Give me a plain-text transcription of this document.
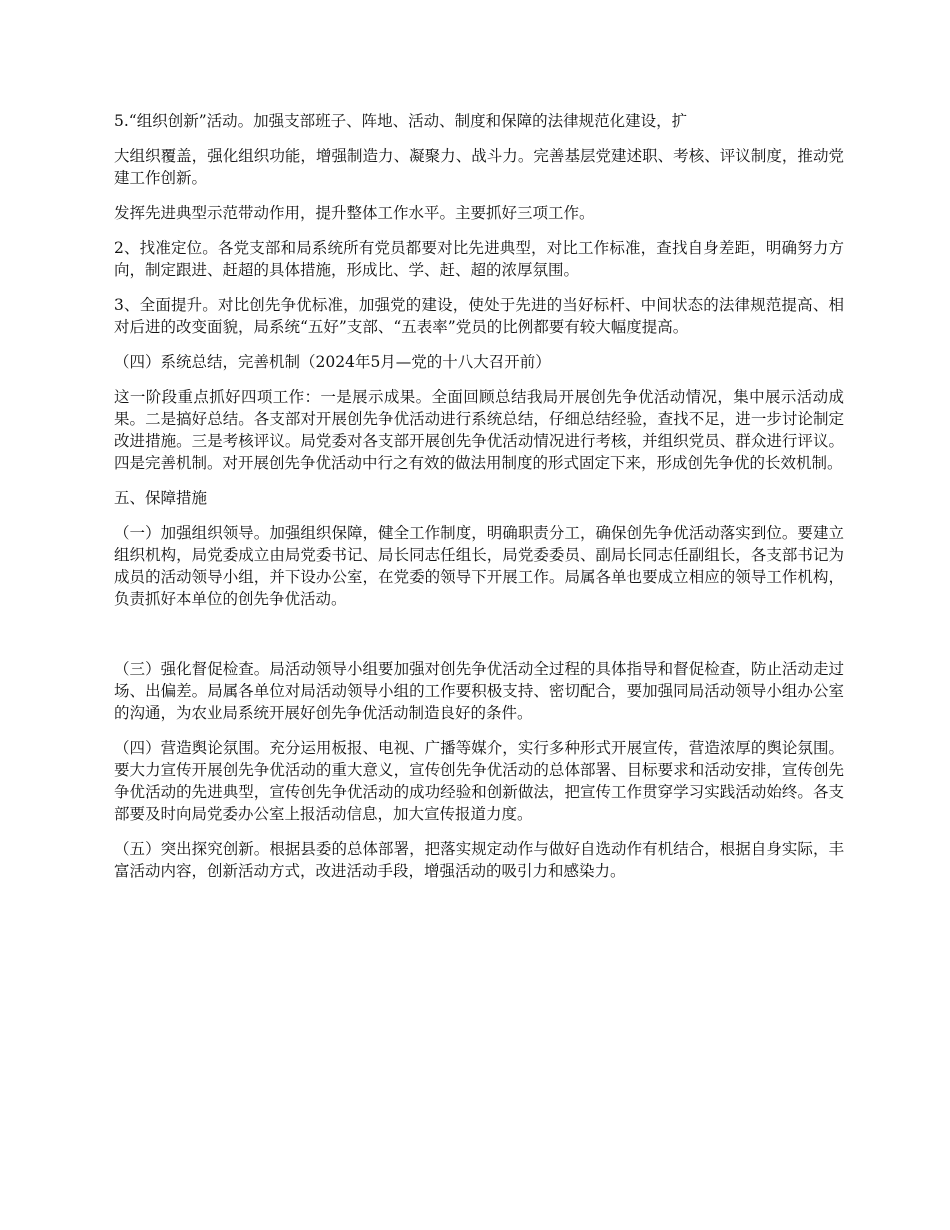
5.“组织创新”活动。加强支部班子、阵地、活动、制度和保障的法律规范化建设，扩

大组织覆盖，强化组织功能，增强制造力、凝聚力、战斗力。完善基层党建述职、考核、评议制度，推动党建工作创新。

发挥先进典型示范带动作用，提升整体工作水平。主要抓好三项工作。

2、找准定位。各党支部和局系统所有党员都要对比先进典型，对比工作标准，查找自身差距，明确努力方向，制定跟进、赶超的具体措施，形成比、学、赶、超的浓厚氛围。

3、全面提升。对比创先争优标准，加强党的建设，使处于先进的当好标杆、中间状态的法律规范提高、相对后进的改变面貌，局系统“五好”支部、“五表率”党员的比例都要有较大幅度提高。

（四）系统总结，完善机制（2024年5月—党的十八大召开前）

这一阶段重点抓好四项工作：一是展示成果。全面回顾总结我局开展创先争优活动情况，集中展示活动成果。二是搞好总结。各支部对开展创先争优活动进行系统总结，仔细总结经验，查找不足，进一步讨论制定改进措施。三是考核评议。局党委对各支部开展创先争优活动情况进行考核，并组织党员、群众进行评议。四是完善机制。对开展创先争优活动中行之有效的做法用制度的形式固定下来，形成创先争优的长效机制。

五、保障措施

（一）加强组织领导。加强组织保障，健全工作制度，明确职责分工，确保创先争优活动落实到位。要建立组织机构，局党委成立由局党委书记、局长同志任组长，局党委委员、副局长同志任副组长，各支部书记为成员的活动领导小组，并下设办公室，在党委的领导下开展工作。局属各单也要成立相应的领导工作机构，负责抓好本单位的创先争优活动。

（三）强化督促检查。局活动领导小组要加强对创先争优活动全过程的具体指导和督促检查，防止活动走过场、出偏差。局属各单位对局活动领导小组的工作要积极支持、密切配合，要加强同局活动领导小组办公室的沟通，为农业局系统开展好创先争优活动制造良好的条件。

（四）营造舆论氛围。充分运用板报、电视、广播等媒介，实行多种形式开展宣传，营造浓厚的舆论氛围。要大力宣传开展创先争优活动的重大意义，宣传创先争优活动的总体部署、目标要求和活动安排，宣传创先争优活动的先进典型，宣传创先争优活动的成功经验和创新做法，把宣传工作贯穿学习实践活动始终。各支部要及时向局党委办公室上报活动信息，加大宣传报道力度。

（五）突出探究创新。根据县委的总体部署，把落实规定动作与做好自选动作有机结合，根据自身实际，丰富活动内容，创新活动方式，改进活动手段，增强活动的吸引力和感染力。
